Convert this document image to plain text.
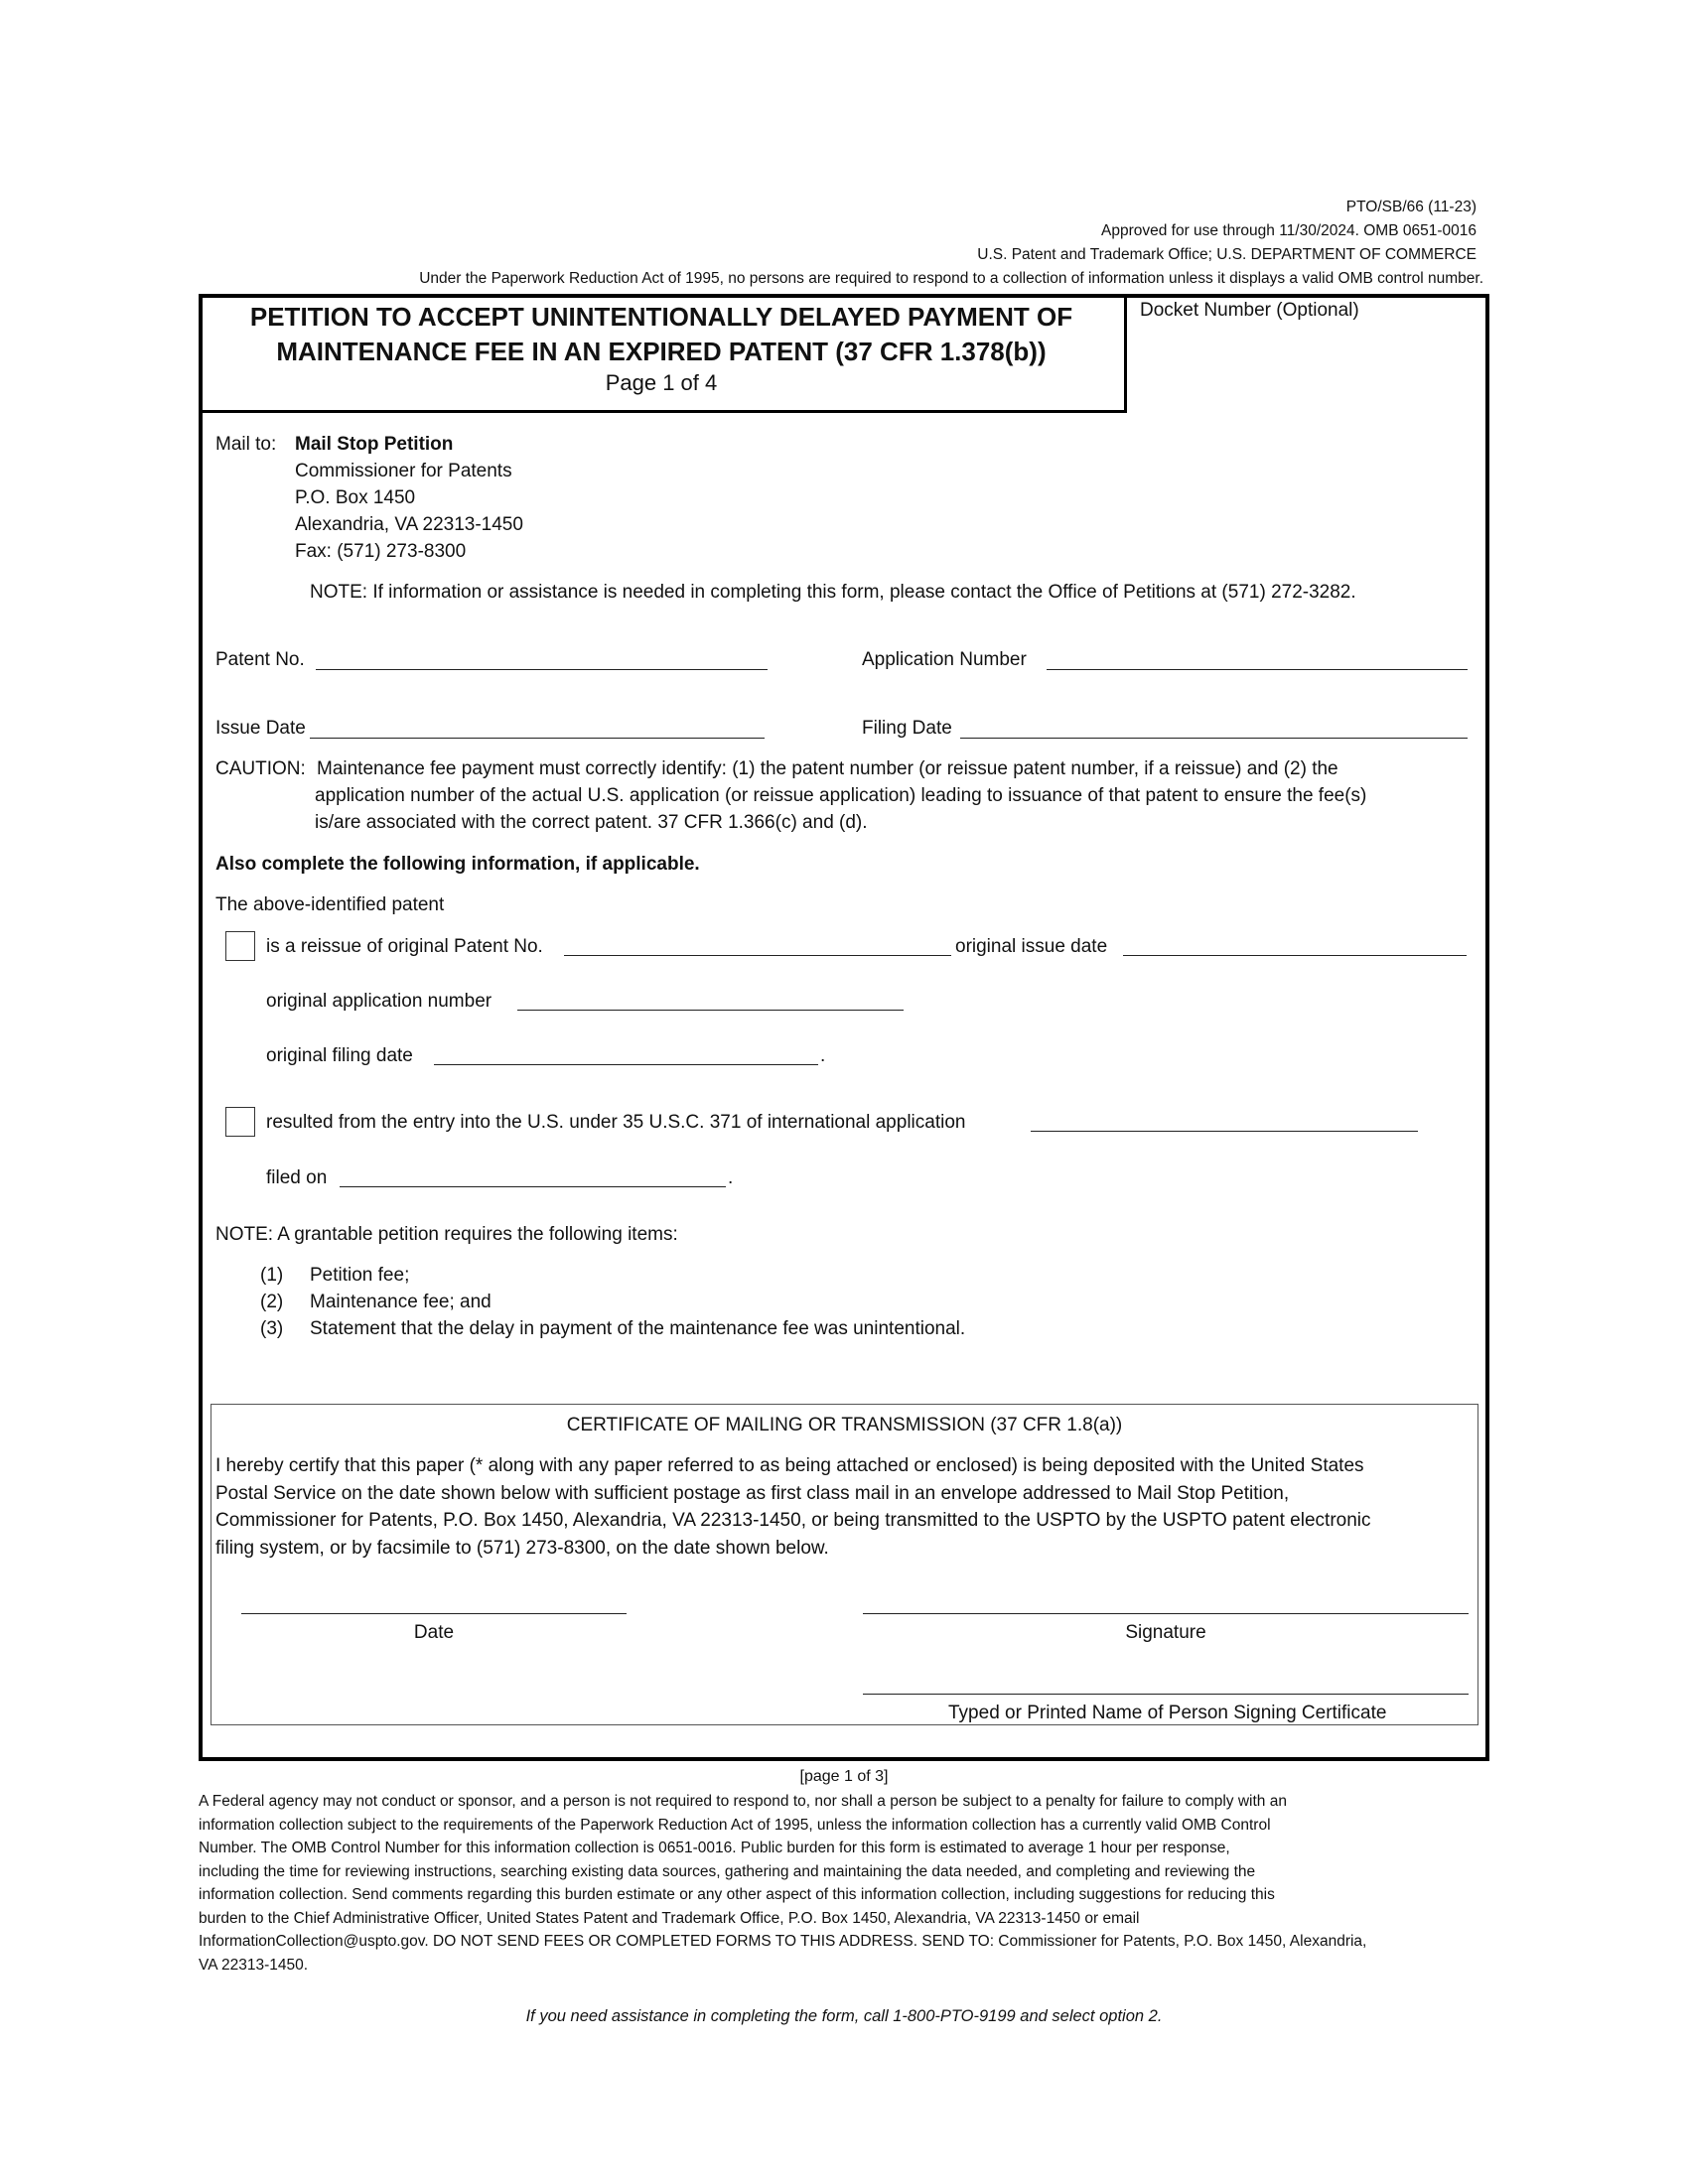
PTO/SB/66 (11-23)
Approved for use through 11/30/2024. OMB 0651-0016
U.S. Patent and Trademark Office; U.S. DEPARTMENT OF COMMERCE
Under the Paperwork Reduction Act of 1995, no persons are required to respond to a collection of information unless it displays a valid OMB control number.
PETITION TO ACCEPT UNINTENTIONALLY DELAYED PAYMENT OF
MAINTENANCE FEE IN AN EXPIRED PATENT (37 CFR 1.378(b))
Page 1 of 4
Docket Number (Optional)
Mail to: Mail Stop Petition
Commissioner for Patents
P.O. Box 1450
Alexandria, VA 22313-1450
Fax: (571) 273-8300
NOTE: If information or assistance is needed in completing this form, please contact the Office of Petitions at (571) 272-3282.
Patent No.	Application Number
Issue Date	Filing Date
CAUTION: Maintenance fee payment must correctly identify: (1) the patent number (or reissue patent number, if a reissue) and (2) the
application number of the actual U.S. application (or reissue application) leading to issuance of that patent to ensure the fee(s)
is/are associated with the correct patent. 37 CFR 1.366(c) and (d).
Also complete the following information, if applicable.
The above-identified patent
is a reissue of original Patent No.	original issue date
original application number
original filing date	.
resulted from the entry into the U.S. under 35 U.S.C. 371 of international application
filed on	.
NOTE: A grantable petition requires the following items:
(1) Petition fee;
(2) Maintenance fee; and
(3) Statement that the delay in payment of the maintenance fee was unintentional.
CERTIFICATE OF MAILING OR TRANSMISSION (37 CFR 1.8(a))
I hereby certify that this paper (* along with any paper referred to as being attached or enclosed) is being deposited with the United States
Postal Service on the date shown below with sufficient postage as first class mail in an envelope addressed to Mail Stop Petition,
Commissioner for Patents, P.O. Box 1450, Alexandria, VA 22313-1450, or being transmitted to the USPTO by the USPTO patent electronic
filing system, or by facsimile to (571) 273-8300, on the date shown below.
Date	Signature
Typed or Printed Name of Person Signing Certificate
[page 1 of 3]
A Federal agency may not conduct or sponsor, and a person is not required to respond to, nor shall a person be subject to a penalty for failure to comply with an
information collection subject to the requirements of the Paperwork Reduction Act of 1995, unless the information collection has a currently valid OMB Control
Number. The OMB Control Number for this information collection is 0651-0016. Public burden for this form is estimated to average 1 hour per response,
including the time for reviewing instructions, searching existing data sources, gathering and maintaining the data needed, and completing and reviewing the
information collection. Send comments regarding this burden estimate or any other aspect of this information collection, including suggestions for reducing this
burden to the Chief Administrative Officer, United States Patent and Trademark Office, P.O. Box 1450, Alexandria, VA 22313-1450 or email
InformationCollection@uspto.gov. DO NOT SEND FEES OR COMPLETED FORMS TO THIS ADDRESS. SEND TO: Commissioner for Patents, P.O. Box 1450, Alexandria,
VA 22313-1450.
If you need assistance in completing the form, call 1-800-PTO-9199 and select option 2.
